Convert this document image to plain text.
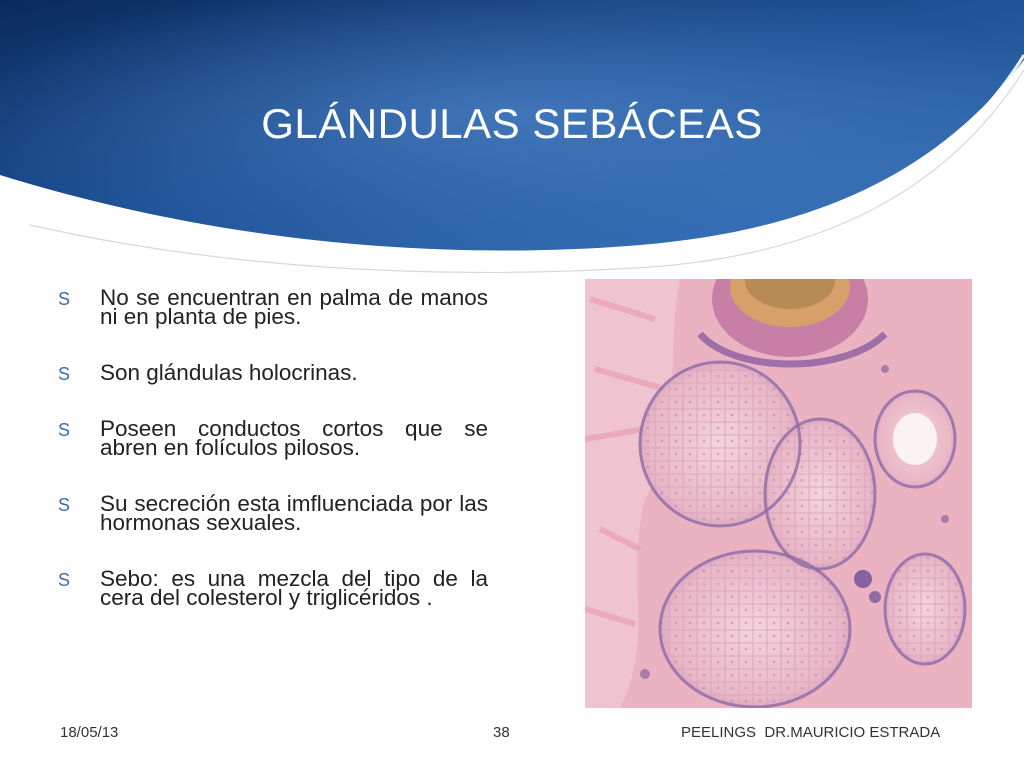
GLÁNDULAS SEBÁCEAS
S No se encuentran en palma de manos ni en planta de pies.
S Son glándulas holocrinas.
S Poseen conductos cortos que se abren en folículos pilosos.
S Su secreción esta imfluenciada por las hormonas sexuales.
S Sebo: es una mezcla del tipo de la cera del colesterol y triglicéridos .
18/05/13	38	PEELINGS  DR.MAURICIO ESTRADA
